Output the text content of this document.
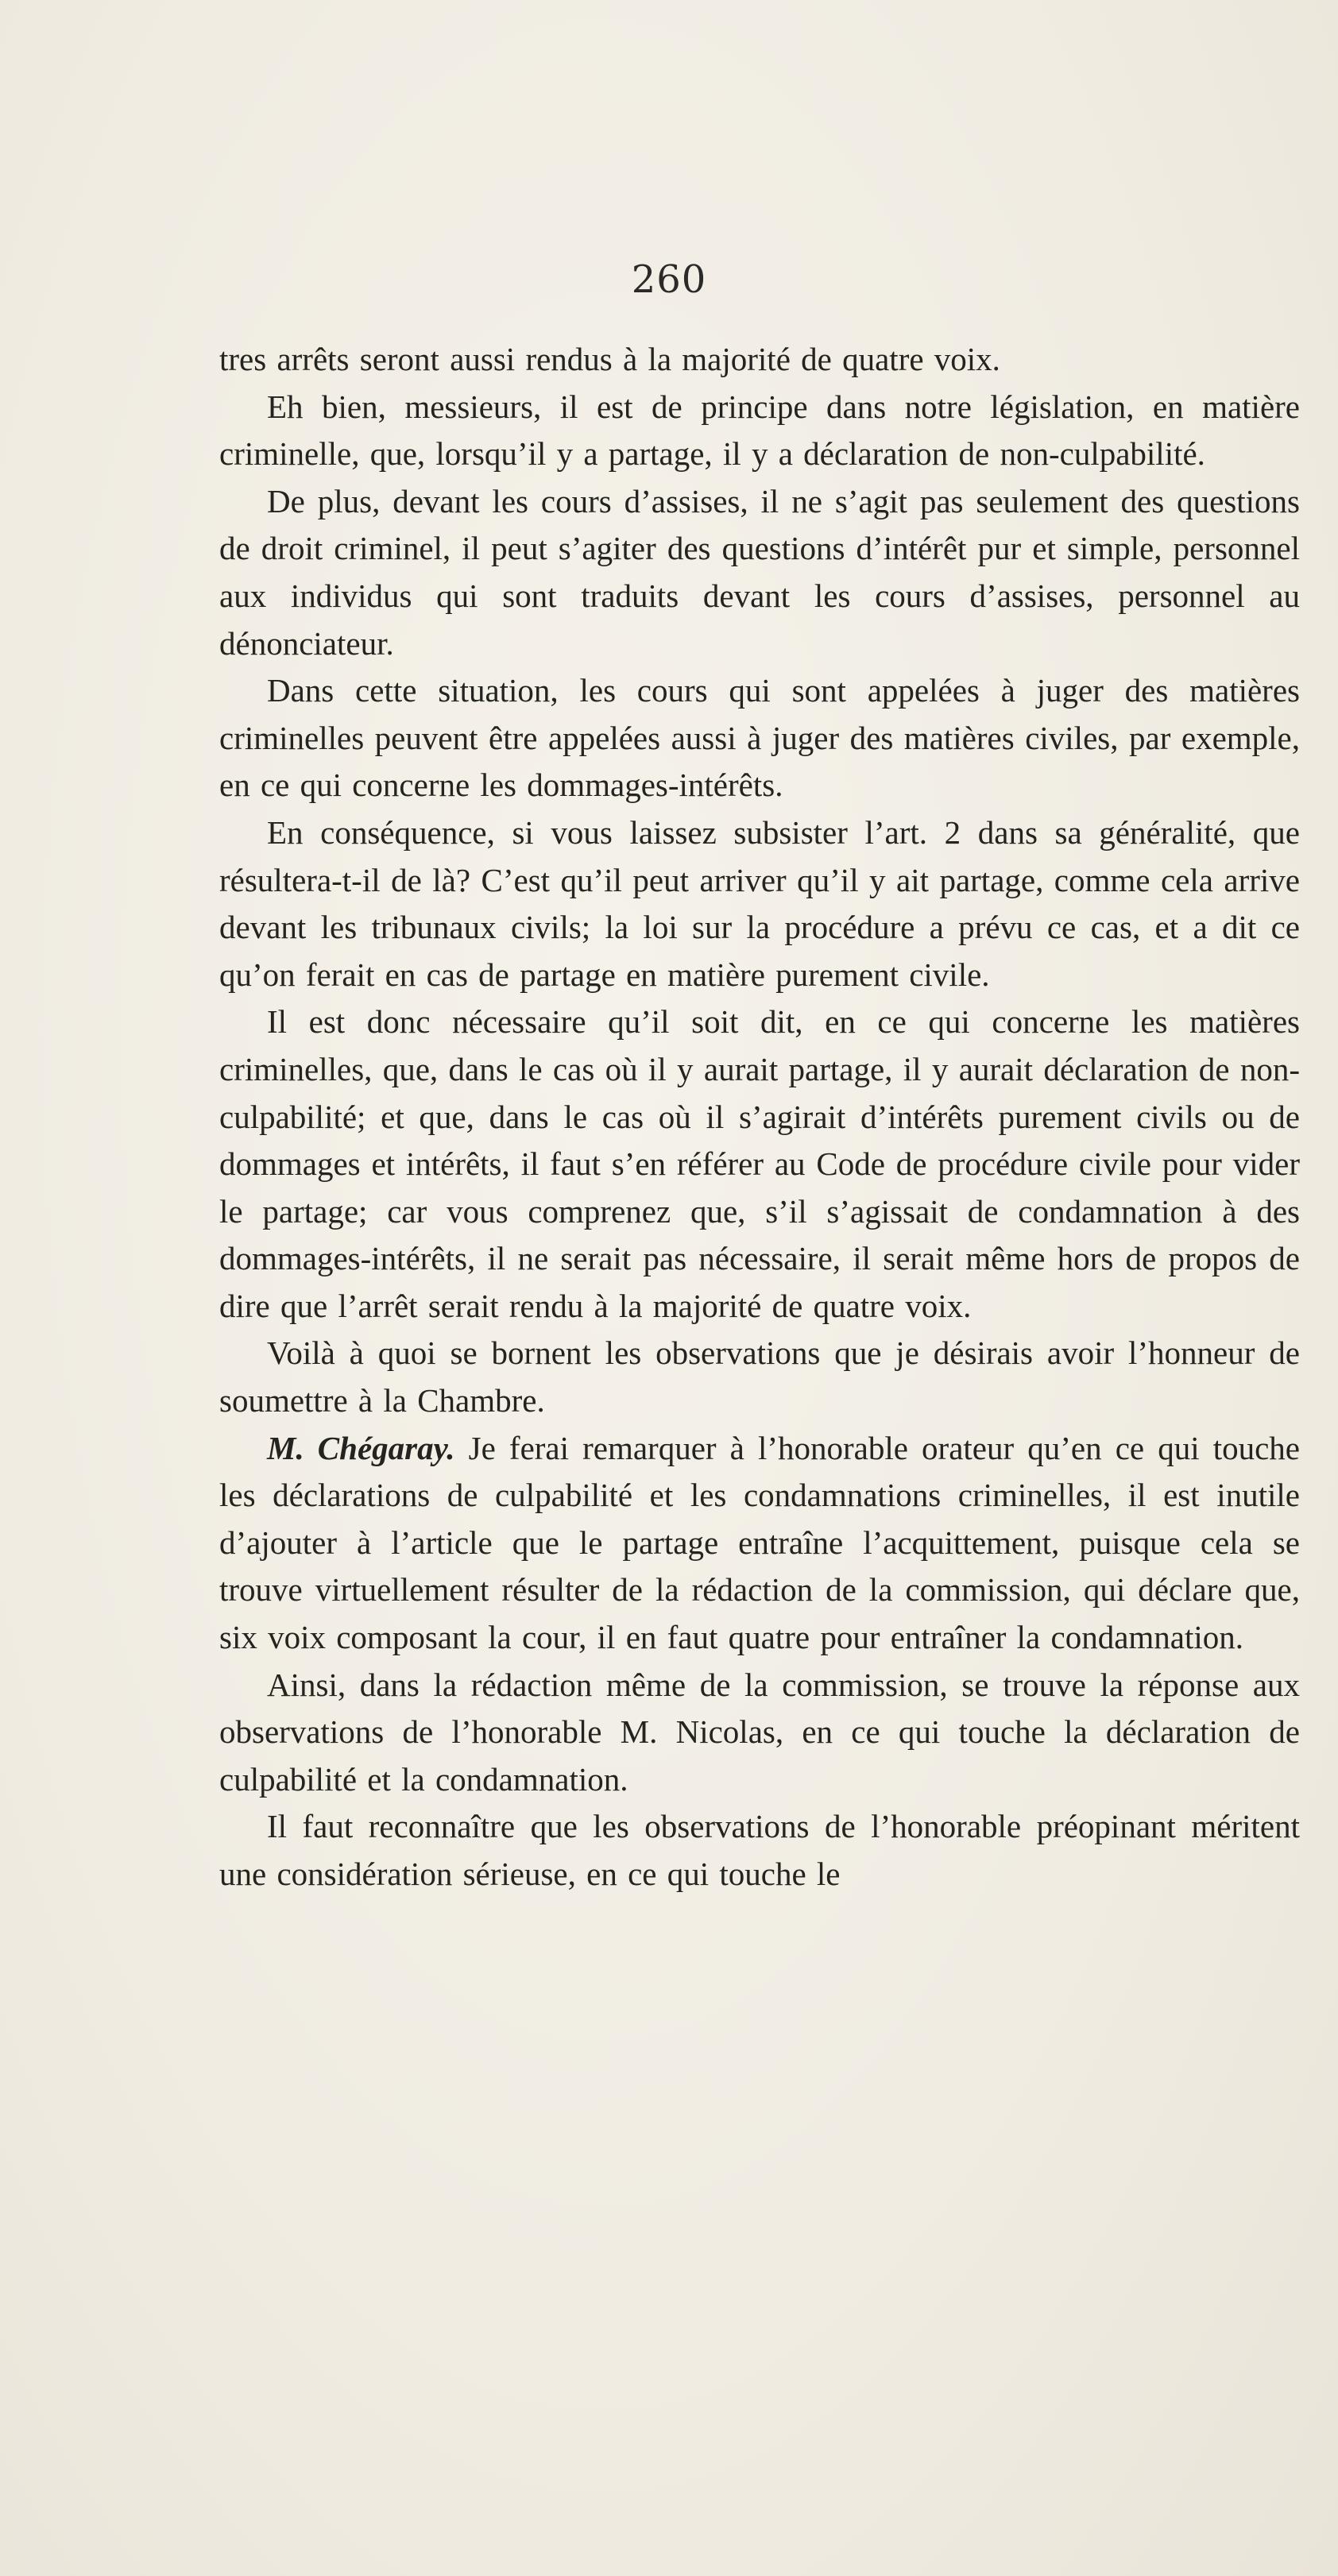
260

tres arrêts seront aussi rendus à la majorité de quatre voix.

Eh bien, messieurs, il est de principe dans notre législation, en matière criminelle, que, lorsqu’il y a partage, il y a déclaration de non-culpabilité.

De plus, devant les cours d’assises, il ne s’agit pas seulement des questions de droit criminel, il peut s’agiter des questions d’intérêt pur et simple, personnel aux individus qui sont traduits devant les cours d’assises, personnel au dénonciateur.

Dans cette situation, les cours qui sont appelées à juger des matières criminelles peuvent être appelées aussi à juger des matières civiles, par exemple, en ce qui concerne les dommages-intérêts.

En conséquence, si vous laissez subsister l’art. 2 dans sa généralité, que résultera-t-il de là? C’est qu’il peut arriver qu’il y ait partage, comme cela arrive devant les tribunaux civils; la loi sur la procédure a prévu ce cas, et a dit ce qu’on ferait en cas de partage en matière purement civile.

Il est donc nécessaire qu’il soit dit, en ce qui concerne les matières criminelles, que, dans le cas où il y aurait partage, il y aurait déclaration de non-culpabilité; et que, dans le cas où il s’agirait d’intérêts purement civils ou de dommages et intérêts, il faut s’en référer au Code de procédure civile pour vider le partage; car vous comprenez que, s’il s’agissait de condamnation à des dommages-intérêts, il ne serait pas nécessaire, il serait même hors de propos de dire que l’arrêt serait rendu à la majorité de quatre voix.

Voilà à quoi se bornent les observations que je désirais avoir l’honneur de soumettre à la Chambre.

M. Chégaray. Je ferai remarquer à l’honorable orateur qu’en ce qui touche les déclarations de culpabilité et les condamnations criminelles, il est inutile d’ajouter à l’article que le partage entraîne l’acquittement, puisque cela se trouve virtuellement résulter de la rédaction de la commission, qui déclare que, six voix composant la cour, il en faut quatre pour entraîner la condamnation.

Ainsi, dans la rédaction même de la commission, se trouve la réponse aux observations de l’honorable M. Nicolas, en ce qui touche la déclaration de culpabilité et la condamnation.

Il faut reconnaître que les observations de l’honorable préopinant méritent une considération sérieuse, en ce qui touche le
